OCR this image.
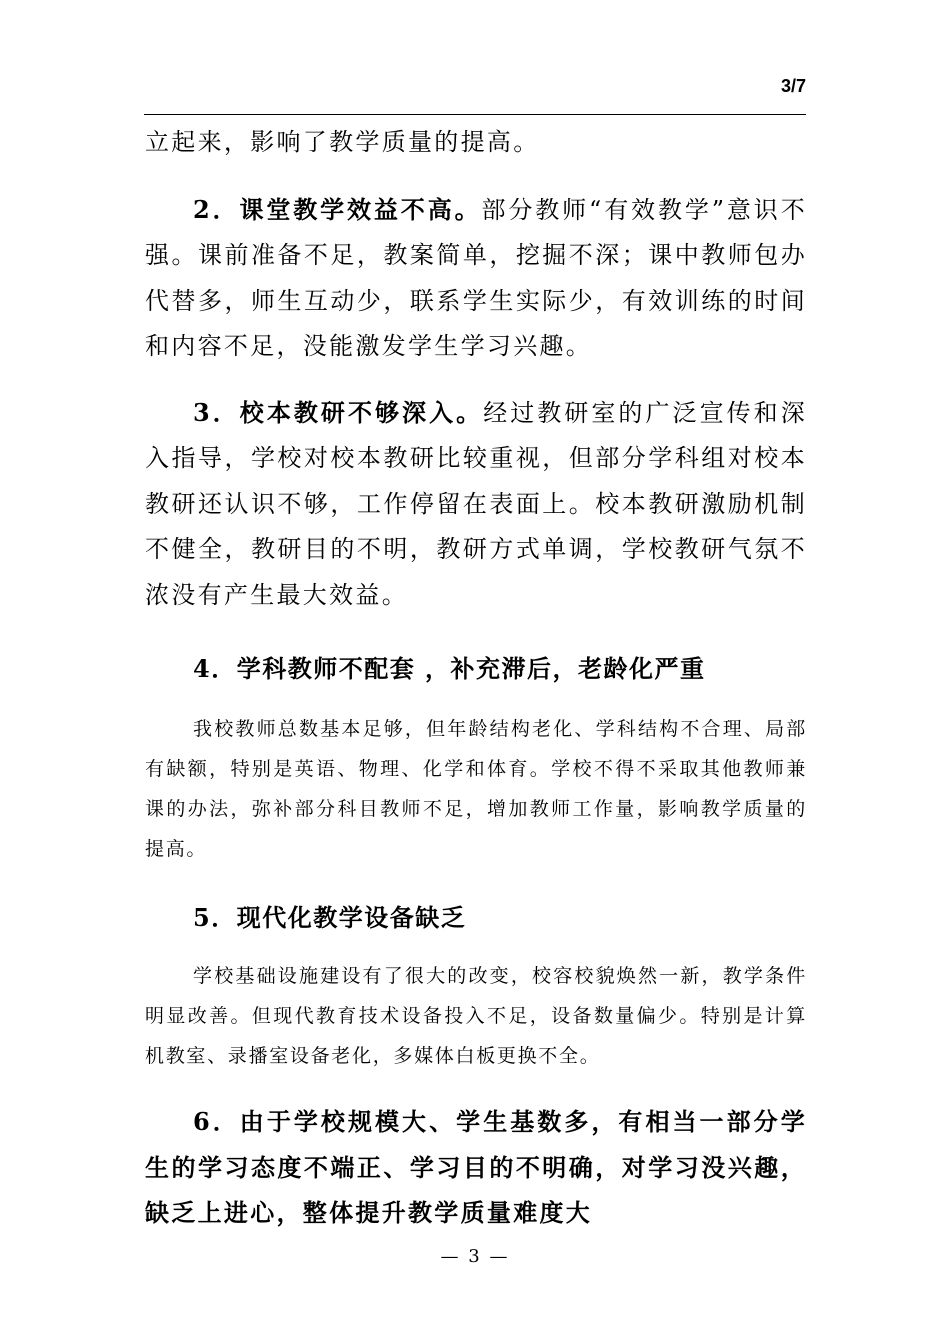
3/7

立起来，影响了教学质量的提高。

2．课堂教学效益不高。部分教师“有效教学”意识不强。课前准备不足，教案简单，挖掘不深；课中教师包办代替多，师生互动少，联系学生实际少，有效训练的时间和内容不足，没能激发学生学习兴趣。

3．校本教研不够深入。经过教研室的广泛宣传和深入指导，学校对校本教研比较重视，但部分学科组对校本教研还认识不够，工作停留在表面上。校本教研激励机制不健全，教研目的不明，教研方式单调，学校教研气氛不浓没有产生最大效益。

4．学科教师不配套 ，补充滞后，老龄化严重

我校教师总数基本足够，但年龄结构老化、学科结构不合理、局部有缺额，特别是英语、物理、化学和体育。学校不得不采取其他教师兼课的办法，弥补部分科目教师不足，增加教师工作量，影响教学质量的提高。

5．现代化教学设备缺乏

学校基础设施建设有了很大的改变，校容校貌焕然一新，教学条件明显改善。但现代教育技术设备投入不足，设备数量偏少。特别是计算机教室、录播室设备老化，多媒体白板更换不全。

6．由于学校规模大、学生基数多，有相当一部分学生的学习态度不端正、学习目的不明确，对学习没兴趣，缺乏上进心，整体提升教学质量难度大

— 3 —
